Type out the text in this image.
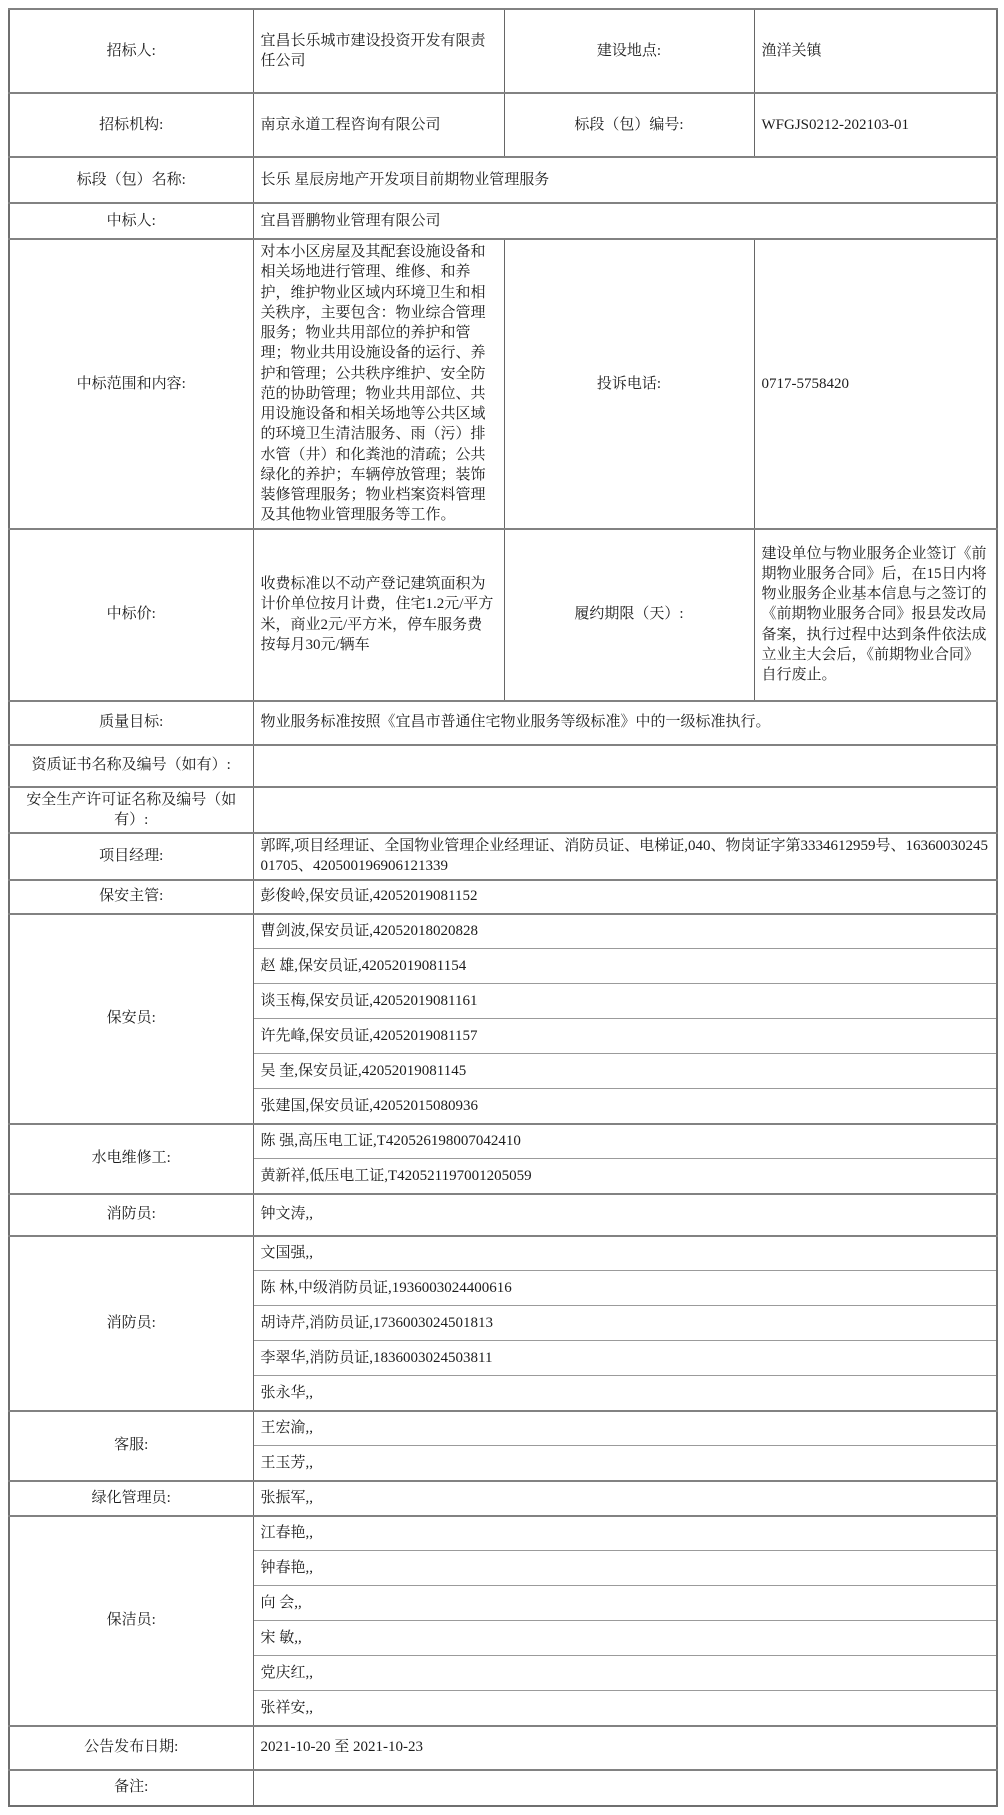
招标人:	宜昌长乐城市建设投资开发有限责任公司	建设地点:	渔洋关镇
招标机构:	南京永道工程咨询有限公司	标段（包）编号:	WFGJS0212-202103-01
标段（包）名称:	长乐 星辰房地产开发项目前期物业管理服务		
中标人:	宜昌晋鹏物业管理有限公司		
中标范围和内容:	对本小区房屋及其配套设施设备和相关场地进行管理、维修、和养护，维护物业区域内环境卫生和相关秩序，主要包含：物业综合管理服务；物业共用部位的养护和管理；物业共用设施设备的运行、养护和管理；公共秩序维护、安全防范的协助管理；物业共用部位、共用设施设备和相关场地等公共区域的环境卫生清洁服务、雨（污）排水管（井）和化粪池的清疏；公共绿化的养护；车辆停放管理；装饰装修管理服务；物业档案资料管理及其他物业管理服务等工作。	投诉电话:	0717-5758420
中标价:	收费标准以不动产登记建筑面积为计价单位按月计费，住宅1.2元/平方米，商业2元/平方米，停车服务费按每月30元/辆车	履约期限（天）:	建设单位与物业服务企业签订《前期物业服务合同》后，在15日内将物业服务企业基本信息与之签订的《前期物业服务合同》报县发改局备案，执行过程中达到条件依法成立业主大会后，《前期物业合同》自行废止。
质量目标:	物业服务标准按照《宜昌市普通住宅物业服务等级标准》中的一级标准执行。		
资质证书名称及编号（如有）:			
安全生产许可证名称及编号（如有）:			
项目经理:	郭晖,项目经理证、全国物业管理企业经理证、消防员证、电梯证,040、物岗证字第3334612959号、1636003024501705、420500196906121339		
保安主管:	彭俊岭,保安员证,42052019081152		
保安员:	曹剑波,保安员证,42052018020828		
	赵 雄,保安员证,42052019081154		
	谈玉梅,保安员证,42052019081161		
	许先峰,保安员证,42052019081157		
	吴 奎,保安员证,42052019081145		
	张建国,保安员证,42052015080936		
水电维修工:	陈 强,高压电工证,T420526198007042410		
	黄新祥,低压电工证,T420521197001205059		
消防员:	钟文涛,,		
消防员:	文国强,,		
	陈 林,中级消防员证,1936003024400616		
	胡诗芹,消防员证,1736003024501813		
	李翠华,消防员证,1836003024503811		
	张永华,,		
客服:	王宏渝,,		
	王玉芳,,		
绿化管理员:	张振军,,		
保洁员:	江春艳,,		
	钟春艳,,		
	向 会,,		
	宋 敏,,		
	党庆红,,		
	张祥安,,		
公告发布日期:	2021-10-20 至 2021-10-23		
备注:			
